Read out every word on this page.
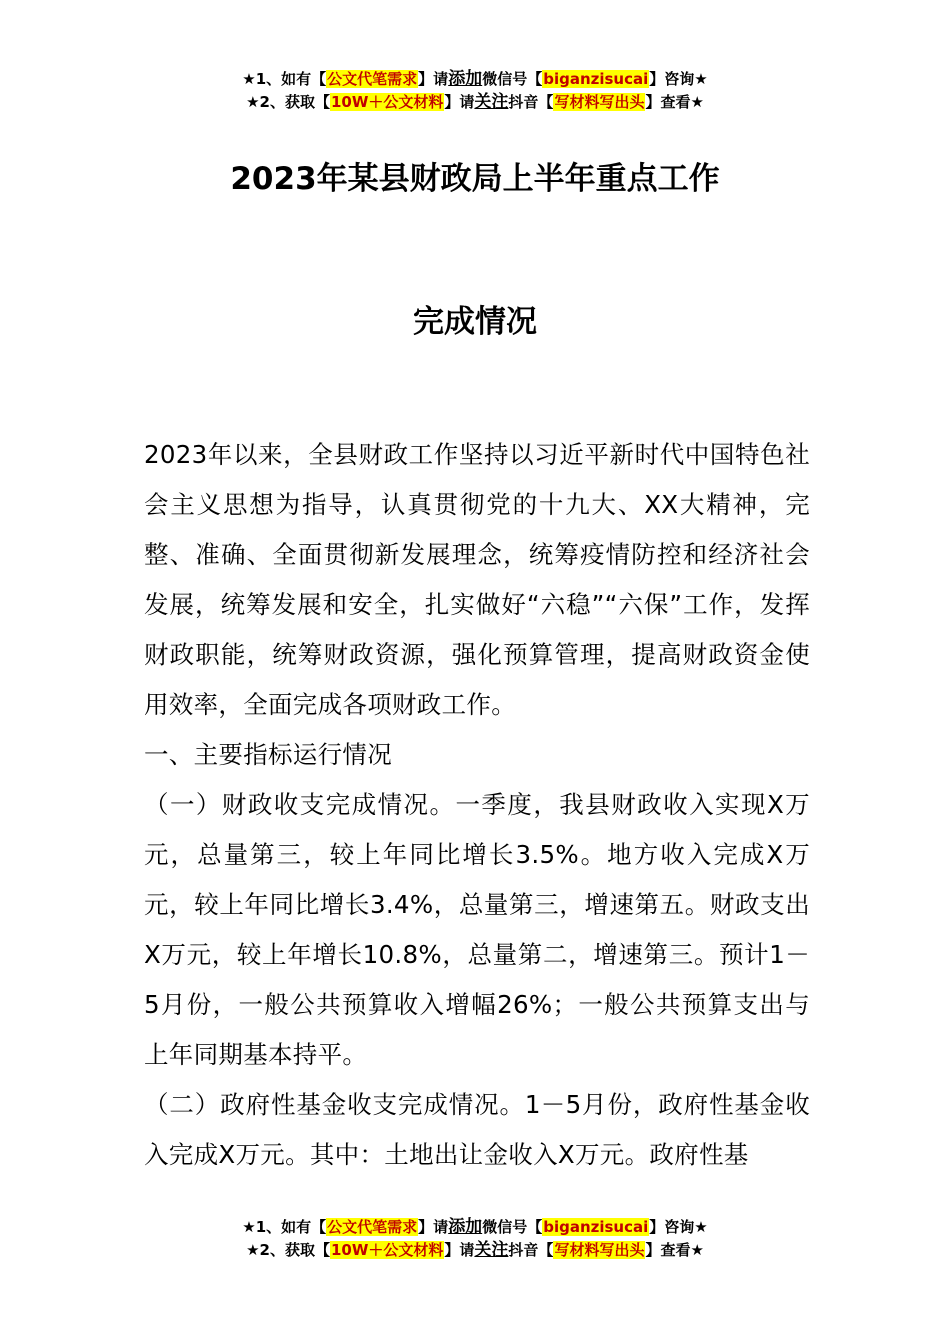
★1、如有【公文代笔需求】请添加微信号【biganzisucai】咨询★
★2、获取【10W＋公文材料】请关注抖音【写材料写出头】查看★
2023年某县财政局上半年重点工作
完成情况

2023年以来，全县财政工作坚持以习近平新时代中国特色社会主义思想为指导，认真贯彻党的十九大、XX大精神，完整、准确、全面贯彻新发展理念，统筹疫情防控和经济社会发展，统筹发展和安全，扎实做好“六稳”“六保”工作，发挥财政职能，统筹财政资源，强化预算管理，提高财政资金使用效率，全面完成各项财政工作。

一、主要指标运行情况

（一）财政收支完成情况。一季度，我县财政收入实现X万元，总量第三，较上年同比增长3.5%。地方收入完成X万元，较上年同比增长3.4%，总量第三，增速第五。财政支出X万元，较上年增长10.8%，总量第二，增速第三。预计1－5月份，一般公共预算收入增幅26%；一般公共预算支出与上年同期基本持平。

（二）政府性基金收支完成情况。1－5月份，政府性基金收入完成X万元。其中：土地出让金收入X万元。政府性基

★1、如有【公文代笔需求】请添加微信号【biganzisucai】咨询★
★2、获取【10W＋公文材料】请关注抖音【写材料写出头】查看★
